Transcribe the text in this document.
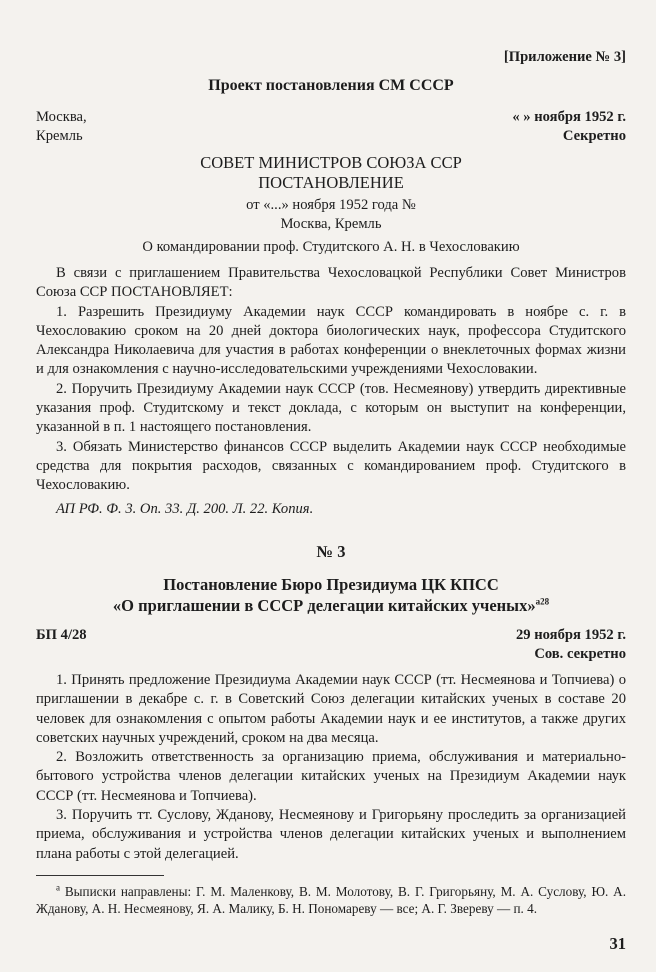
[Приложение № 3]

Проект постановления СМ СССР

Москва,	« » ноября 1952 г.
Кремль	Секретно

СОВЕТ МИНИСТРОВ СОЮЗА ССР

ПОСТАНОВЛЕНИЕ

от «...» ноября 1952 года №

Москва, Кремль

О командировании проф. Студитского А. Н. в Чехословакию

В связи с приглашением Правительства Чехословацкой Республики Совет Министров Союза ССР ПОСТАНОВЛЯЕТ:

1. Разрешить Президиуму Академии наук СССР командировать в ноябре с. г. в Чехословакию сроком на 20 дней доктора биологических наук, профессора Студитского Александра Николаевича для участия в работах конференции о внеклеточных формах жизни и для ознакомления с научно-исследовательскими учреждениями Чехословакии.

2. Поручить Президиуму Академии наук СССР (тов. Несмеянову) утвердить директивные указания проф. Студитскому и текст доклада, с которым он выступит на конференции, указанной в п. 1 настоящего постановления.

3. Обязать Министерство финансов СССР выделить Академии наук СССР необходимые средства для покрытия расходов, связанных с командированием проф. Студитского в Чехословакию.

АП РФ. Ф. 3. Оп. 33. Д. 200. Л. 22. Копия.

№ 3

Постановление Бюро Президиума ЦК КПСС

«О приглашении в СССР делегации китайских ученых»$^{а28}$

БП 4/28	29 ноября 1952 г.

Сов. секретно

1. Принять предложение Президиума Академии наук СССР (тт. Несмеянова и Топчиева) о приглашении в декабре с. г. в Советский Союз делегации китайских ученых в составе 20 человек для ознакомления с опытом работы Академии наук и ее институтов, а также других советских научных учреждений, сроком на два месяца.

2. Возложить ответственность за организацию приема, обслуживания и материально-бытового устройства членов делегации китайских ученых на Президиум Академии наук СССР (тт. Несмеянова и Топчиева).

3. Поручить тт. Суслову, Жданову, Несмеянову и Григорьяну проследить за организацией приема, обслуживания и устройства членов делегации китайских ученых и выполнением плана работы с этой делегацией.

$^а$ Выписки направлены: Г. М. Маленкову, В. М. Молотову, В. Г. Григорьяну, М. А. Суслову, Ю. А. Жданову, А. Н. Несмеянову, Я. А. Малику, Б. Н. Пономареву — все; А. Г. Звереву — п. 4.

31
